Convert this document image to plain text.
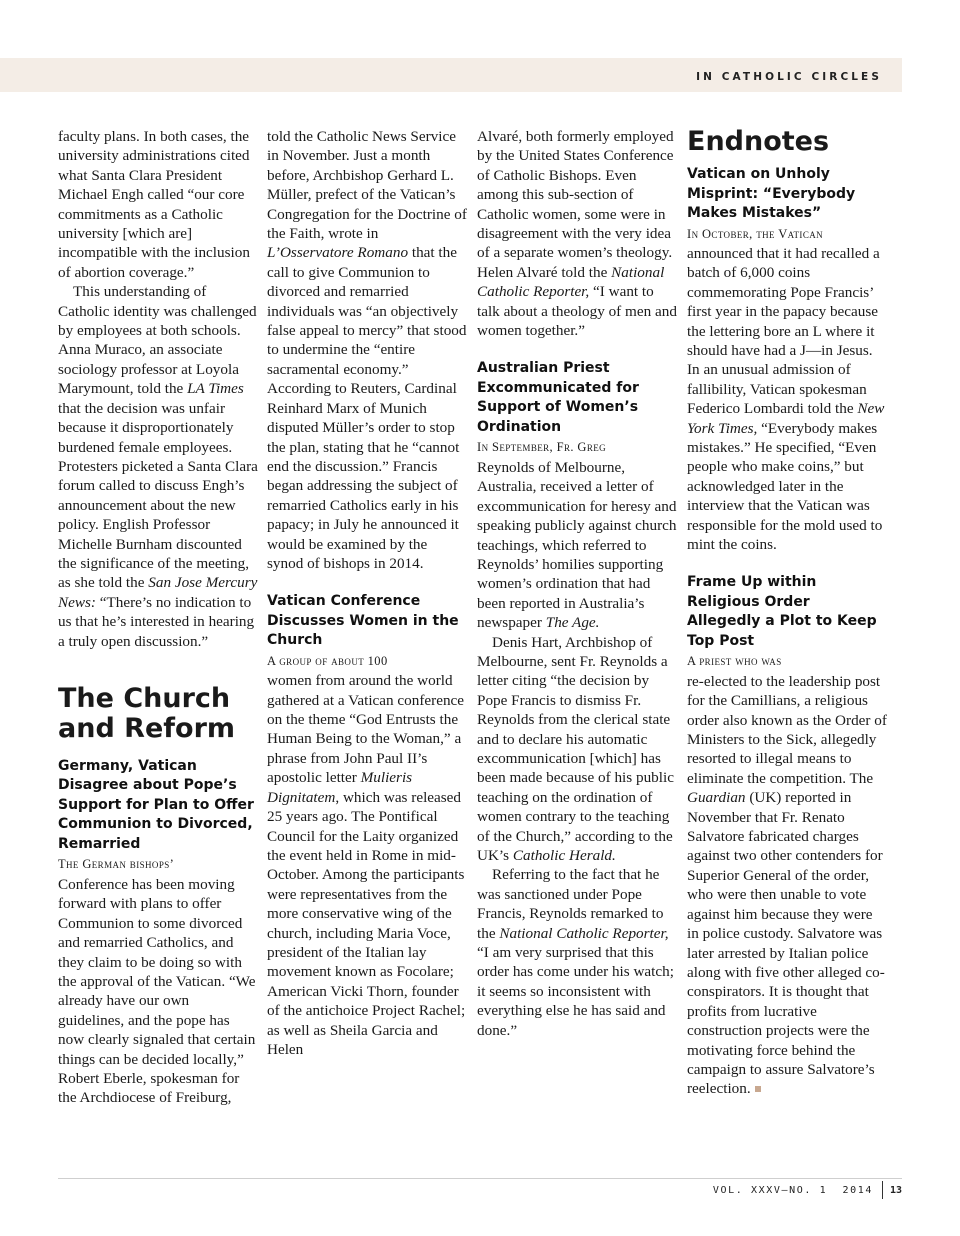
IN CATHOLIC CIRCLES

faculty plans. In both cases, the university administrations cited what Santa Clara President Michael Engh called “our core commitments as a Catholic university [which are] incompatible with the inclusion of abortion coverage.”

This understanding of Catholic identity was challenged by employees at both schools. Anna Muraco, an associate sociology professor at Loyola Marymount, told the LA Times that the decision was unfair because it disproportionately burdened female employees. Protesters picketed a Santa Clara forum called to discuss Engh’s announcement about the new policy. English Professor Michelle Burnham discounted the significance of the meeting, as she told the San Jose Mercury News: “There’s no indication to us that he’s interested in hearing a truly open discussion.”

The Church and Reform
Germany, Vatican Disagree about Pope’s Support for Plan to Offer Communion to Divorced, Remarried

The German bishops’
Conference has been moving forward with plans to offer Communion to some divorced and remarried Catholics, and they claim to be doing so with the approval of the Vatican. “We already have our own guidelines, and the pope has now clearly signaled that certain things can be decided locally,” Robert Eberle, spokesman for the Archdiocese of Freiburg,

told the Catholic News Service in November. Just a month before, Archbishop Gerhard L. Müller, prefect of the Vatican’s Congregation for the Doctrine of the Faith, wrote in L’Osservatore Romano that the call to give Communion to divorced and remarried individuals was “an objectively false appeal to mercy” that stood to undermine the “entire sacramental economy.” According to Reuters, Cardinal Reinhard Marx of Munich disputed Müller’s order to stop the plan, stating that he “cannot end the discussion.” Francis began addressing the subject of remarried Catholics early in his papacy; in July he announced it would be examined by the synod of bishops in 2014.

Vatican Conference Discusses Women in the Church

A group of about 100
women from around the world gathered at a Vatican conference on the theme “God Entrusts the Human Being to the Woman,” a phrase from John Paul II’s apostolic letter Mulieris Dignitatem, which was released 25 years ago. The Pontifical Council for the Laity organized the event held in Rome in mid-October. Among the participants were representatives from the more conservative wing of the church, including Maria Voce, president of the Italian lay movement known as Focolare; American Vicki Thorn, founder of the antichoice Project Rachel; as well as Sheila Garcia and Helen

Alvaré, both formerly employed by the United States Conference of Catholic Bishops. Even among this sub-section of Catholic women, some were in disagreement with the very idea of a separate women’s theology. Helen Alvaré told the National Catholic Reporter, “I want to talk about a theology of men and women together.”

Australian Priest Excommunicated for Support of Women’s Ordination

In September, Fr. Greg
Reynolds of Melbourne, Australia, received a letter of excommunication for heresy and speaking publicly against church teachings, which referred to Reynolds’ homilies supporting women’s ordination that had been reported in Australia’s newspaper The Age.

Denis Hart, Archbishop of Melbourne, sent Fr. Reynolds a letter citing “the decision by Pope Francis to dismiss Fr. Reynolds from the clerical state and to declare his automatic excommunication [which] has been made because of his public teaching on the ordination of women contrary to the teaching of the Church,” according to the UK’s Catholic Herald.

Referring to the fact that he was sanctioned under Pope Francis, Reynolds remarked to the National Catholic Reporter, “I am very surprised that this order has come under his watch; it seems so inconsistent with everything else he has said and done.”

Endnotes
Vatican on Unholy Misprint: “Everybody Makes Mistakes”

In October, the Vatican
announced that it had recalled a batch of 6,000 coins commemorating Pope Francis’ first year in the papacy because the lettering bore an L where it should have had a J—in Jesus. In an unusual admission of fallibility, Vatican spokesman Federico Lombardi told the New York Times, “Everybody makes mistakes.” He specified, “Even people who make coins,” but acknowledged later in the interview that the Vatican was responsible for the mold used to mint the coins.

Frame Up within Religious Order Allegedly a Plot to Keep Top Post

A priest who was
re-elected to the leadership post for the Camillians, a religious order also known as the Order of Ministers to the Sick, allegedly resorted to illegal means to eliminate the competition. The Guardian (UK) reported in November that Fr. Renato Salvatore fabricated charges against two other contenders for Superior General of the order, who were then unable to vote against him because they were in police custody. Salvatore was later arrested by Italian police along with five other alleged co-conspirators. It is thought that profits from lucrative construction projects were the motivating force behind the campaign to assure Salvatore’s reelection.

VOL. XXXV—NO. 1  2014 13
